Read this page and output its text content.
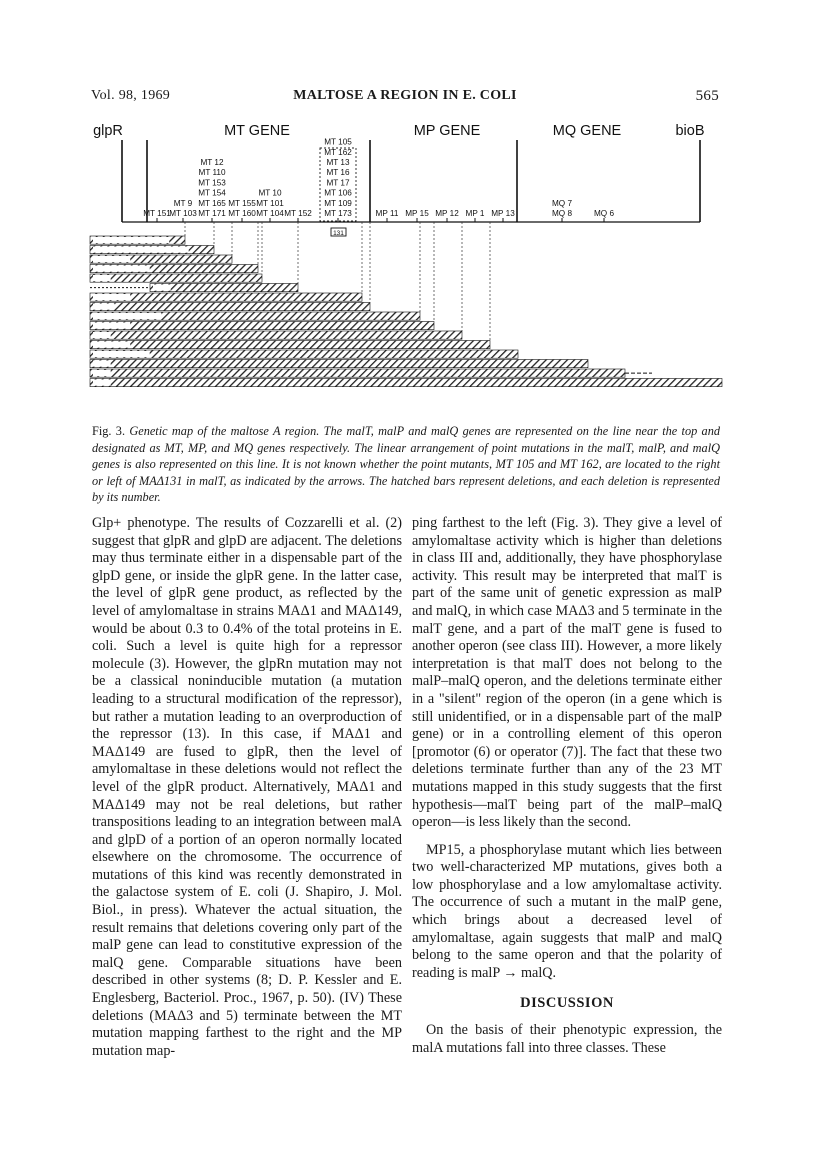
Vol. 98, 1969	MALTOSE A REGION IN E. COLI	565
glpR	MT GENE	MP GENE	MQ GENE	bioB
MT 151
MT 9
MT 103
MT 12
MT 110
MT 153
MT 154
MT 165
MT 171
MT 155
MT 160
MT 10
MT 101
MT 104 MT 152
MT 105
MT 162
MT 13
MT 16
MT 17
MT 106
MT 109
MT 173
131
MP 11 MP 15 MP 12 MP 1 MP 13
MQ 7
MQ 8	MQ 6
Fig. 3. Genetic map of the maltose A region. The malT, malP and malQ genes are represented on the line near the top and designated as MT, MP, and MQ genes respectively. The linear arrangement of point mutations in the malT, malP, and malQ genes is also represented on this line. It is not known whether the point mutants, MT 105 and MT 162, are located to the right or left of MAΔ131 in malT, as indicated by the arrows. The hatched bars represent deletions, and each deletion is represented by its number.

Glp+ phenotype. The results of Cozzarelli et al. (2) suggest that glpR and glpD are adjacent. The deletions may thus terminate either in a dispensable part of the glpD gene, or inside the glpR gene. In the latter case, the level of glpR gene product, as reflected by the level of amylomaltase in strains MAΔ1 and MAΔ149, would be about 0.3 to 0.4% of the total proteins in E. coli. Such a level is quite high for a repressor molecule (3). However, the glpRn mutation may not be a classical noninducible mutation (a mutation leading to a structural modification of the repressor), but rather a mutation leading to an overproduction of the repressor (13). In this case, if MAΔ1 and MAΔ149 are fused to glpR, then the level of amylomaltase in these deletions would not reflect the level of the glpR product. Alternatively, MAΔ1 and MAΔ149 may not be real deletions, but rather transpositions leading to an integration between malA and glpD of a portion of an operon normally located elsewhere on the chromosome. The occurrence of mutations of this kind was recently demonstrated in the galactose system of E. coli (J. Shapiro, J. Mol. Biol., in press). Whatever the actual situation, the result remains that deletions covering only part of the malP gene can lead to constitutive expression of the malQ gene. Comparable situations have been described in other systems (8; D. P. Kessler and E. Englesberg, Bacteriol. Proc., 1967, p. 50). (IV) These deletions (MAΔ3 and 5) terminate between the MT mutation mapping farthest to the right and the MP mutation map-

ping farthest to the left (Fig. 3). They give a level of amylomaltase activity which is higher than deletions in class III and, additionally, they have phosphorylase activity. This result may be interpreted that malT is part of the same unit of genetic expression as malP and malQ, in which case MAΔ3 and 5 terminate in the malT gene, and a part of the malT gene is fused to another operon (see class III). However, a more likely interpretation is that malT does not belong to the malP–malQ operon, and the deletions terminate either in a "silent" region of the operon (in a gene which is still unidentified, or in a dispensable part of the malP gene) or in a controlling element of this operon [promotor (6) or operator (7)]. The fact that these two deletions terminate further than any of the 23 MT mutations mapped in this study suggests that the first hypothesis—malT being part of the malP–malQ operon—is less likely than the second.

MP15, a phosphorylase mutant which lies between two well-characterized MP mutations, gives both a low phosphorylase and a low amylomaltase activity. The occurrence of such a mutant in the malP gene, which brings about a decreased level of amylomaltase, again suggests that malP and malQ belong to the same operon and that the polarity of reading is malP → malQ.

DISCUSSION

On the basis of their phenotypic expression, the malA mutations fall into three classes. These
